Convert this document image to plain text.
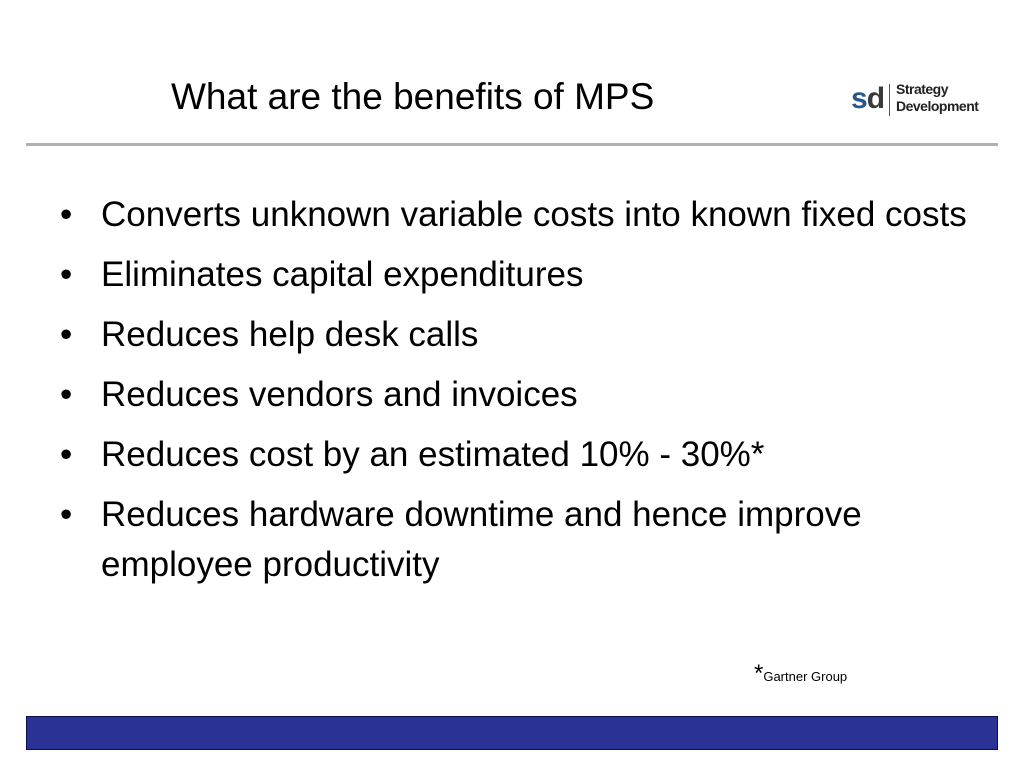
What are the benefits of MPS	sd Strategy
Development
• Converts unknown variable costs into known fixed costs
• Eliminates capital expenditures
• Reduces help desk calls
• Reduces vendors and invoices
• Reduces cost by an estimated 10% - 30%*
• Reduces hardware downtime and hence improve employee productivity
*Gartner Group
